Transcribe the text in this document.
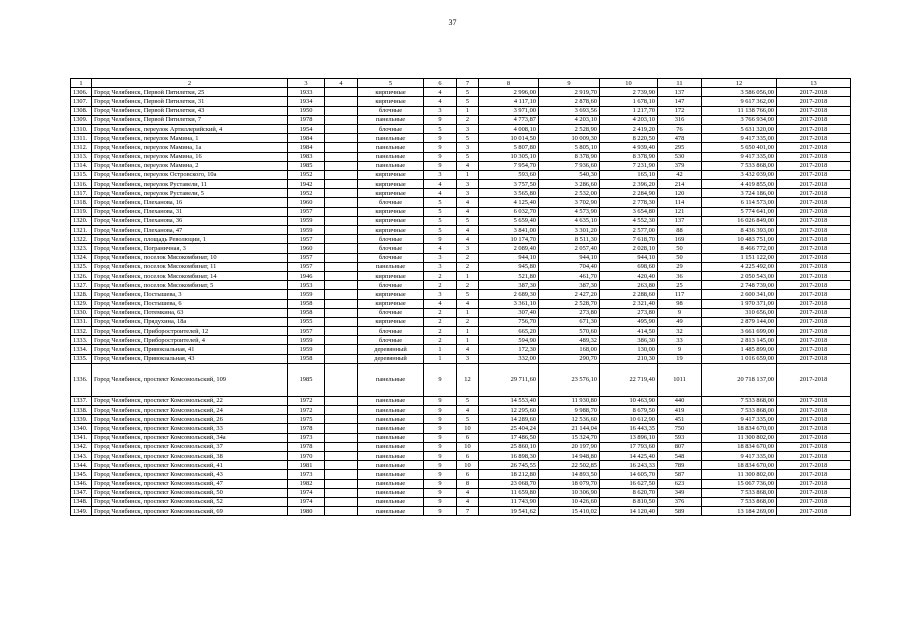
37
1	2	3	4	5	6	7	8	9	10	11	12	13
1306.	Город Челябинск, Первой Пятилетки, 25	1933		кирпичные	4	5	2 996,00	2 919,70	2 739,90	137	3 586 056,00	2017-2018
1307.	Город Челябинск, Первой Пятилетки, 31	1934		кирпичные	4	5	4 117,10	2 878,60	1 678,10	147	9 617 362,00	2017-2018
1308.	Город Челябинск, Первой Пятилетки, 43	1950		блочные	3	1	3 971,00	3 693,56	1 217,70	172	11 138 766,00	2017-2018
1309.	Город Челябинск, Первой Пятилетки, 7	1978		панельные	9	2	4 773,87	4 203,10	4 203,10	316	3 766 934,00	2017-2018
1310.	Город Челябинск, переулок Артиллерийский, 4	1954		блочные	5	3	4 008,10	2 528,90	2 419,20	76	5 631 320,00	2017-2018
1311.	Город Челябинск, переулок Мамина, 1	1984		панельные	9	5	10 014,50	10 009,30	8 220,50	478	9 417 335,00	2017-2018
1312.	Город Челябинск, переулок Мамина, 1а	1984		панельные	9	3	5 807,80	5 805,10	4 939,40	295	5 650 401,00	2017-2018
1313.	Город Челябинск, переулок Мамина, 16	1983		панельные	9	5	10 305,10	8 378,90	8 378,90	530	9 417 335,00	2017-2018
1314.	Город Челябинск, переулок Мамина, 2	1985		панельные	9	4	7 954,70	7 936,60	7 231,90	379	7 533 868,00	2017-2018
1315.	Город Челябинск, переулок Островского, 10а	1952		кирпичные	3	1	593,60	540,30	165,10	42	3 432 039,00	2017-2018
1316.	Город Челябинск, переулок Руставели, 11	1942		кирпичные	4	3	3 757,50	3 286,60	2 396,20	214	4 419 855,00	2017-2018
1317.	Город Челябинск, переулок Руставели, 5	1952		кирпичные	4	3	3 565,80	2 532,00	2 284,90	120	3 724 186,00	2017-2018
1318.	Город Челябинск, Плеханова, 16	1960		блочные	5	4	4 125,40	3 702,90	2 778,30	114	6 114 573,00	2017-2018
1319.	Город Челябинск, Плеханова, 31	1957		кирпичные	5	4	6 032,70	4 573,90	3 654,80	121	5 774 641,00	2017-2018
1320.	Город Челябинск, Плеханова, 36	1959		кирпичные	5	5	5 659,40	4 635,10	4 552,30	137	16 026 849,00	2017-2018
1321.	Город Челябинск, Плеханова, 47	1959		кирпичные	5	4	3 841,00	3 301,20	2 577,00	88	8 436 393,00	2017-2018
1322.	Город Челябинск, площадь Революции, 1	1957		блочные	9	4	10 174,70	8 511,30	7 618,70	169	10 483 751,00	2017-2018
1323.	Город Челябинск, Пограничная, 3	1960		блочные	4	3	2 089,40	2 057,40	2 028,10	50	8 466 772,00	2017-2018
1324.	Город Челябинск, поселок Мясокомбинат, 10	1957		блочные	3	2	944,10	944,10	944,10	50	1 151 122,00	2017-2018
1325.	Город Челябинск, поселок Мясокомбинат, 11	1957		панельные	3	2	945,80	704,40	698,60	29	4 225 492,00	2017-2018
1326.	Город Челябинск, поселок Мясокомбинат, 14	1946		кирпичные	2	1	521,80	461,70	420,40	36	2 050 543,00	2017-2018
1327.	Город Челябинск, поселок Мясокомбинат, 5	1953		блочные	2	2	387,30	387,30	263,80	25	2 748 739,00	2017-2018
1328.	Город Челябинск, Постышева, 3	1959		кирпичные	3	5	2 689,30	2 427,20	2 288,60	117	2 600 341,00	2017-2018
1329.	Город Челябинск, Постышева, 6	1958		кирпичные	4	4	3 361,10	2 528,70	2 321,40	98	1 970 371,00	2017-2018
1330.	Город Челябинск, Потемкина, 63	1958		блочные	2	1	307,40	273,80	273,80	9	310 656,00	2017-2018
1331.	Город Челябинск, Прядухина, 18а	1955		кирпичные	2	2	756,70	671,30	495,90	49	2 879 144,00	2017-2018
1332.	Город Челябинск, Приборостроителей, 12	1957		блочные	2	1	665,20	570,60	414,50	32	3 661 699,00	2017-2018
1333.	Город Челябинск, Приборостроителей, 4	1959		блочные	2	1	594,90	489,32	386,30	33	2 813 145,00	2017-2018
1334.	Город Челябинск, Привокзальная, 41	1959		деревянный	1	4	172,30	168,00	130,00	9	1 485 899,00	2017-2018
1335.	Город Челябинск, Привокзальная, 43	1958		деревянный	1	3	332,00	290,70	210,30	19	1 016 659,00	2017-2018
1336.	Город Челябинск, проспект Комсомольский, 109	1985		панельные	9	12	29 711,60	23 576,10	22 719,40	1011	20 718 137,00	2017-2018
1337.	Город Челябинск, проспект Комсомольский, 22	1972		панельные	9	5	14 553,40	11 930,80	10 463,90	440	7 533 868,00	2017-2018
1338.	Город Челябинск, проспект Комсомольский, 24	1972		панельные	9	4	12 295,60	9 988,70	8 679,50	419	7 533 868,00	2017-2018
1339.	Город Челябинск, проспект Комсомольский, 26	1975		панельные	9	5	14 289,60	12 536,60	10 612,90	451	9 417 335,00	2017-2018
1340.	Город Челябинск, проспект Комсомольский, 33	1978		панельные	9	10	25 404,24	21 144,04	16 443,35	750	18 834 670,00	2017-2018
1341.	Город Челябинск, проспект Комсомольский, 34а	1973		панельные	9	6	17 486,50	15 324,70	13 896,10	593	11 300 802,00	2017-2018
1342.	Город Челябинск, проспект Комсомольский, 37	1978		панельные	9	10	25 860,10	20 197,90	17 793,60	807	18 834 670,00	2017-2018
1343.	Город Челябинск, проспект Комсомольский, 38	1970		панельные	9	6	16 898,30	14 948,80	14 425,40	548	9 417 335,00	2017-2018
1344.	Город Челябинск, проспект Комсомольский, 41	1981		панельные	9	10	26 745,55	22 502,85	16 243,33	789	18 834 670,00	2017-2018
1345.	Город Челябинск, проспект Комсомольский, 43	1973		панельные	9	6	18 212,80	14 893,50	14 605,70	587	11 300 802,00	2017-2018
1346.	Город Челябинск, проспект Комсомольский, 47	1982		панельные	9	8	23 068,70	18 079,70	16 627,50	623	15 067 736,00	2017-2018
1347.	Город Челябинск, проспект Комсомольский, 50	1974		панельные	9	4	11 659,80	10 306,90	8 620,70	349	7 533 868,00	2017-2018
1348.	Город Челябинск, проспект Комсомольский, 52	1974		панельные	9	4	11 743,90	10 426,60	8 810,50	376	7 533 868,00	2017-2018
1349.	Город Челябинск, проспект Комсомольский, 69	1980		панельные	9	7	19 541,62	15 410,02	14 120,40	589	13 184 269,00	2017-2018
